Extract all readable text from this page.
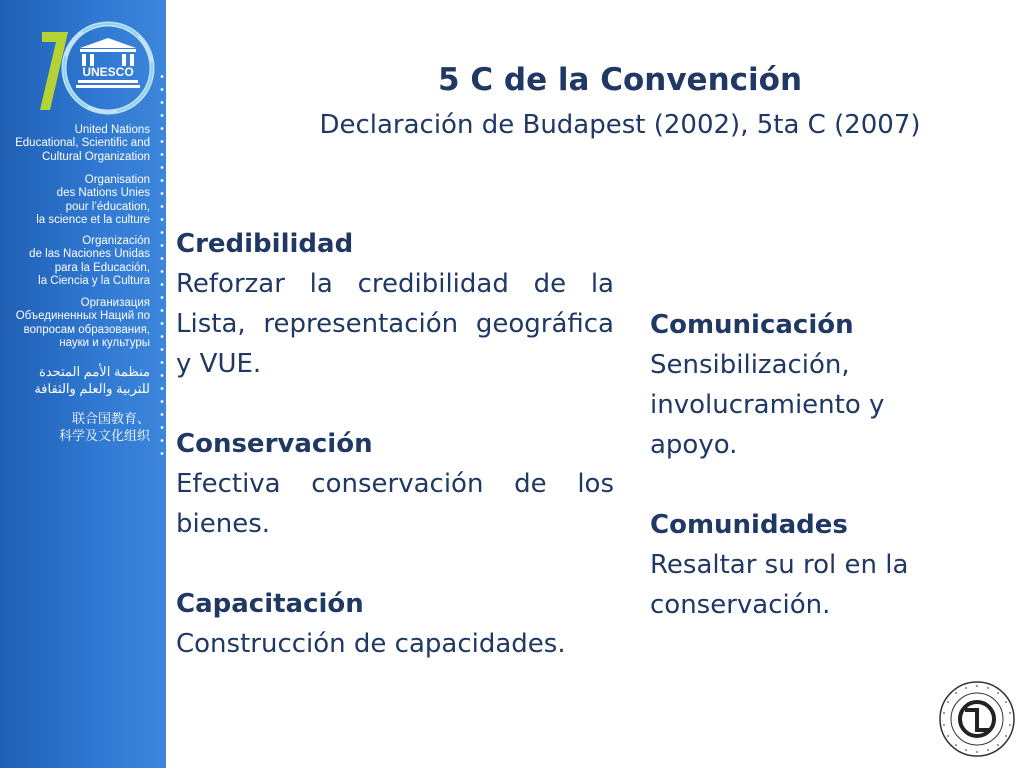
UNESCO
United Nations
Educational, Scientific and
Cultural Organization
Organisation
des Nations Unies
pour l’éducation,
la science et la culture
Organización
de las Naciones Unidas
para la Educación,
la Ciencia y la Cultura
Организация
Объединенных Наций по
вопросам образования,
науки и культуры
منظمة الأمم المتحدة
للتربية والعلم والثقافة
联合国教育、
科学及文化组织
5 C de la Convención
Declaración de Budapest (2002), 5ta C (2007)
Credibilidad

Reforzar la credibilidad de la Lista, representación geográfica y VUE.

Conservación

Efectiva conservación de los bienes.

Capacitación

Construcción de capacidades.

Comunicación

Sensibilización, involucramiento y apoyo.

Comunidades

Resaltar su rol en la conservación.
